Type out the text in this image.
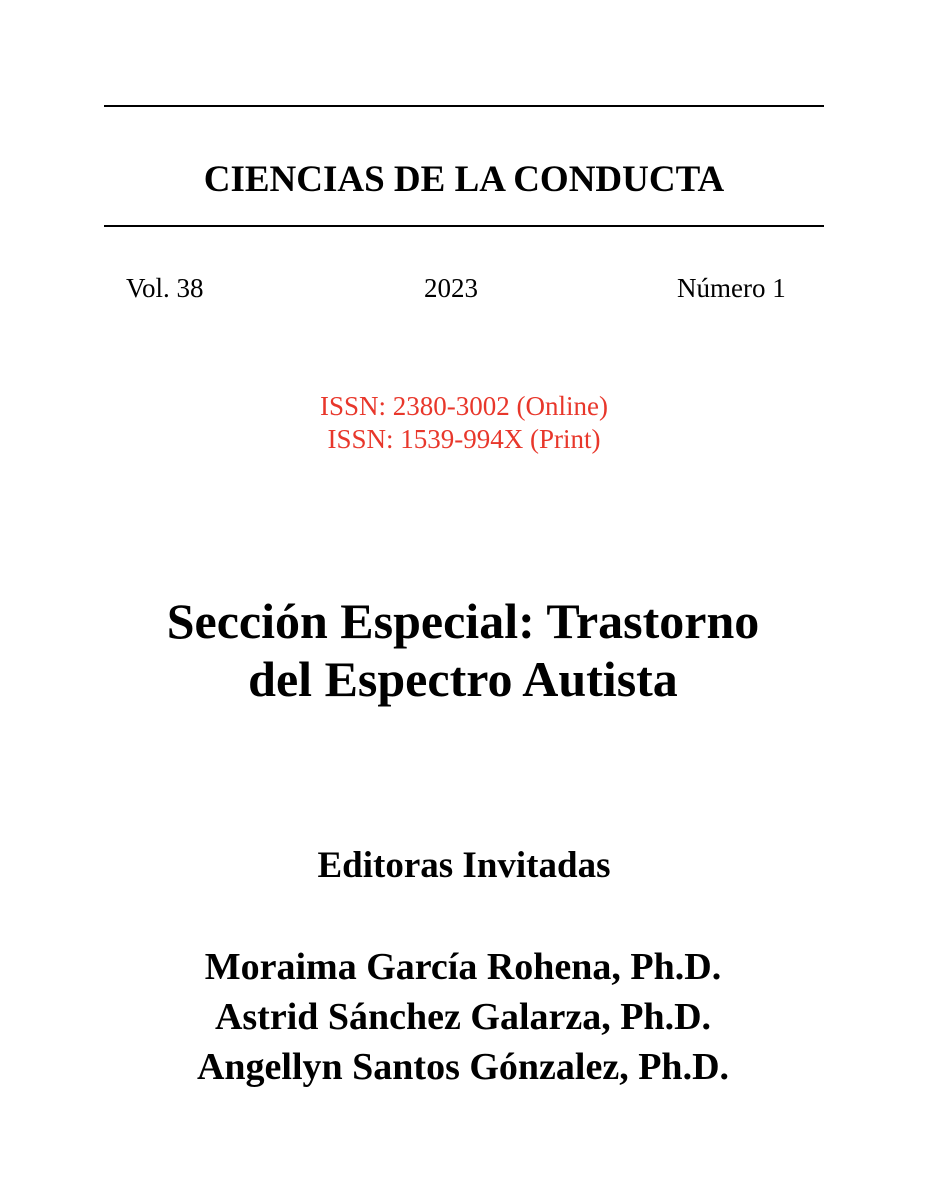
CIENCIAS DE LA CONDUCTA
Vol. 38	2023	Número 1
ISSN: 2380-3002 (Online)
ISSN: 1539-994X (Print)
Sección Especial: Trastorno
del Espectro Autista
Editoras Invitadas
Moraima García Rohena, Ph.D.
Astrid Sánchez Galarza, Ph.D.
Angellyn Santos Gónzalez, Ph.D.
